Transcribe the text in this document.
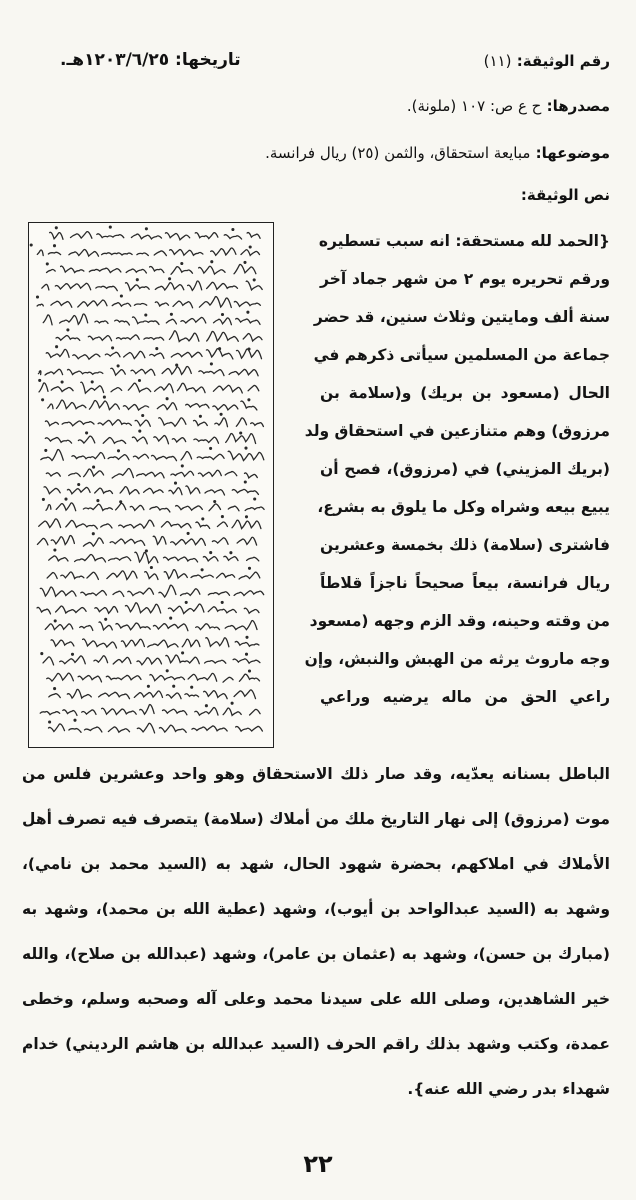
رقم الوثيقة: (١١)
تاريخها: ١٢٠٣/٦/٢٥هـ.
مصدرها: ح ع ص: ١٠٧ (ملونة).
موضوعها: مبايعة استحقاق، والثمن (٢٥) ريال فرانسة.
نص الوثيقة:
{الحمد لله مستحقة: انه سبب تسطيره
ورقم تحريره يوم ٢ من شهر جماد آخر
سنة ألف ومايتين وثلاث سنين، قد حضر
جماعة من المسلمين سيأتى ذكرهم في
الحال (مسعود بن بريك) و(سلامة بن
مرزوق) وهم متنازعين في استحقاق ولد
(بريك المزيني) في (مرزوق)، فصح أن
يبيع بيعه وشراه وكل ما يلوق به بشرع،
فاشترى (سلامة) ذلك بخمسة وعشرين
ريال فرانسة، بيعاً صحيحاً ناجزاً قلاطاً
من وقته وحينه، وقد الزم وجهه (مسعود
وجه ماروث يرثه من الهبش والنبش، وإن
راعي الحق من ماله يرضيه وراعي
الباطل بسنانه يعدّيه، وقد صار ذلك الاستحقاق وهو واحد وعشرين فلس من
موت (مرزوق) إلى نهار التاريخ ملك من أملاك (سلامة) يتصرف فيه تصرف أهل
الأملاك في املاكهم، بحضرة شهود الحال، شهد به (السيد محمد بن نامي)،
وشهد به (السيد عبدالواحد بن أيوب)، وشهد (عطية الله بن محمد)، وشهد به
(مبارك بن حسن)، وشهد به (عثمان بن عامر)، وشهد (عبدالله بن صلاح)، والله
خير الشاهدين، وصلى الله على سيدنا محمد وعلى آله وصحبه وسلم، وخطى
عمدة، وكتب وشهد بذلك راقم الحرف (السيد عبدالله بن هاشم الرديني) خدام
شهداء بدر رضي الله عنه}.
٢٢
